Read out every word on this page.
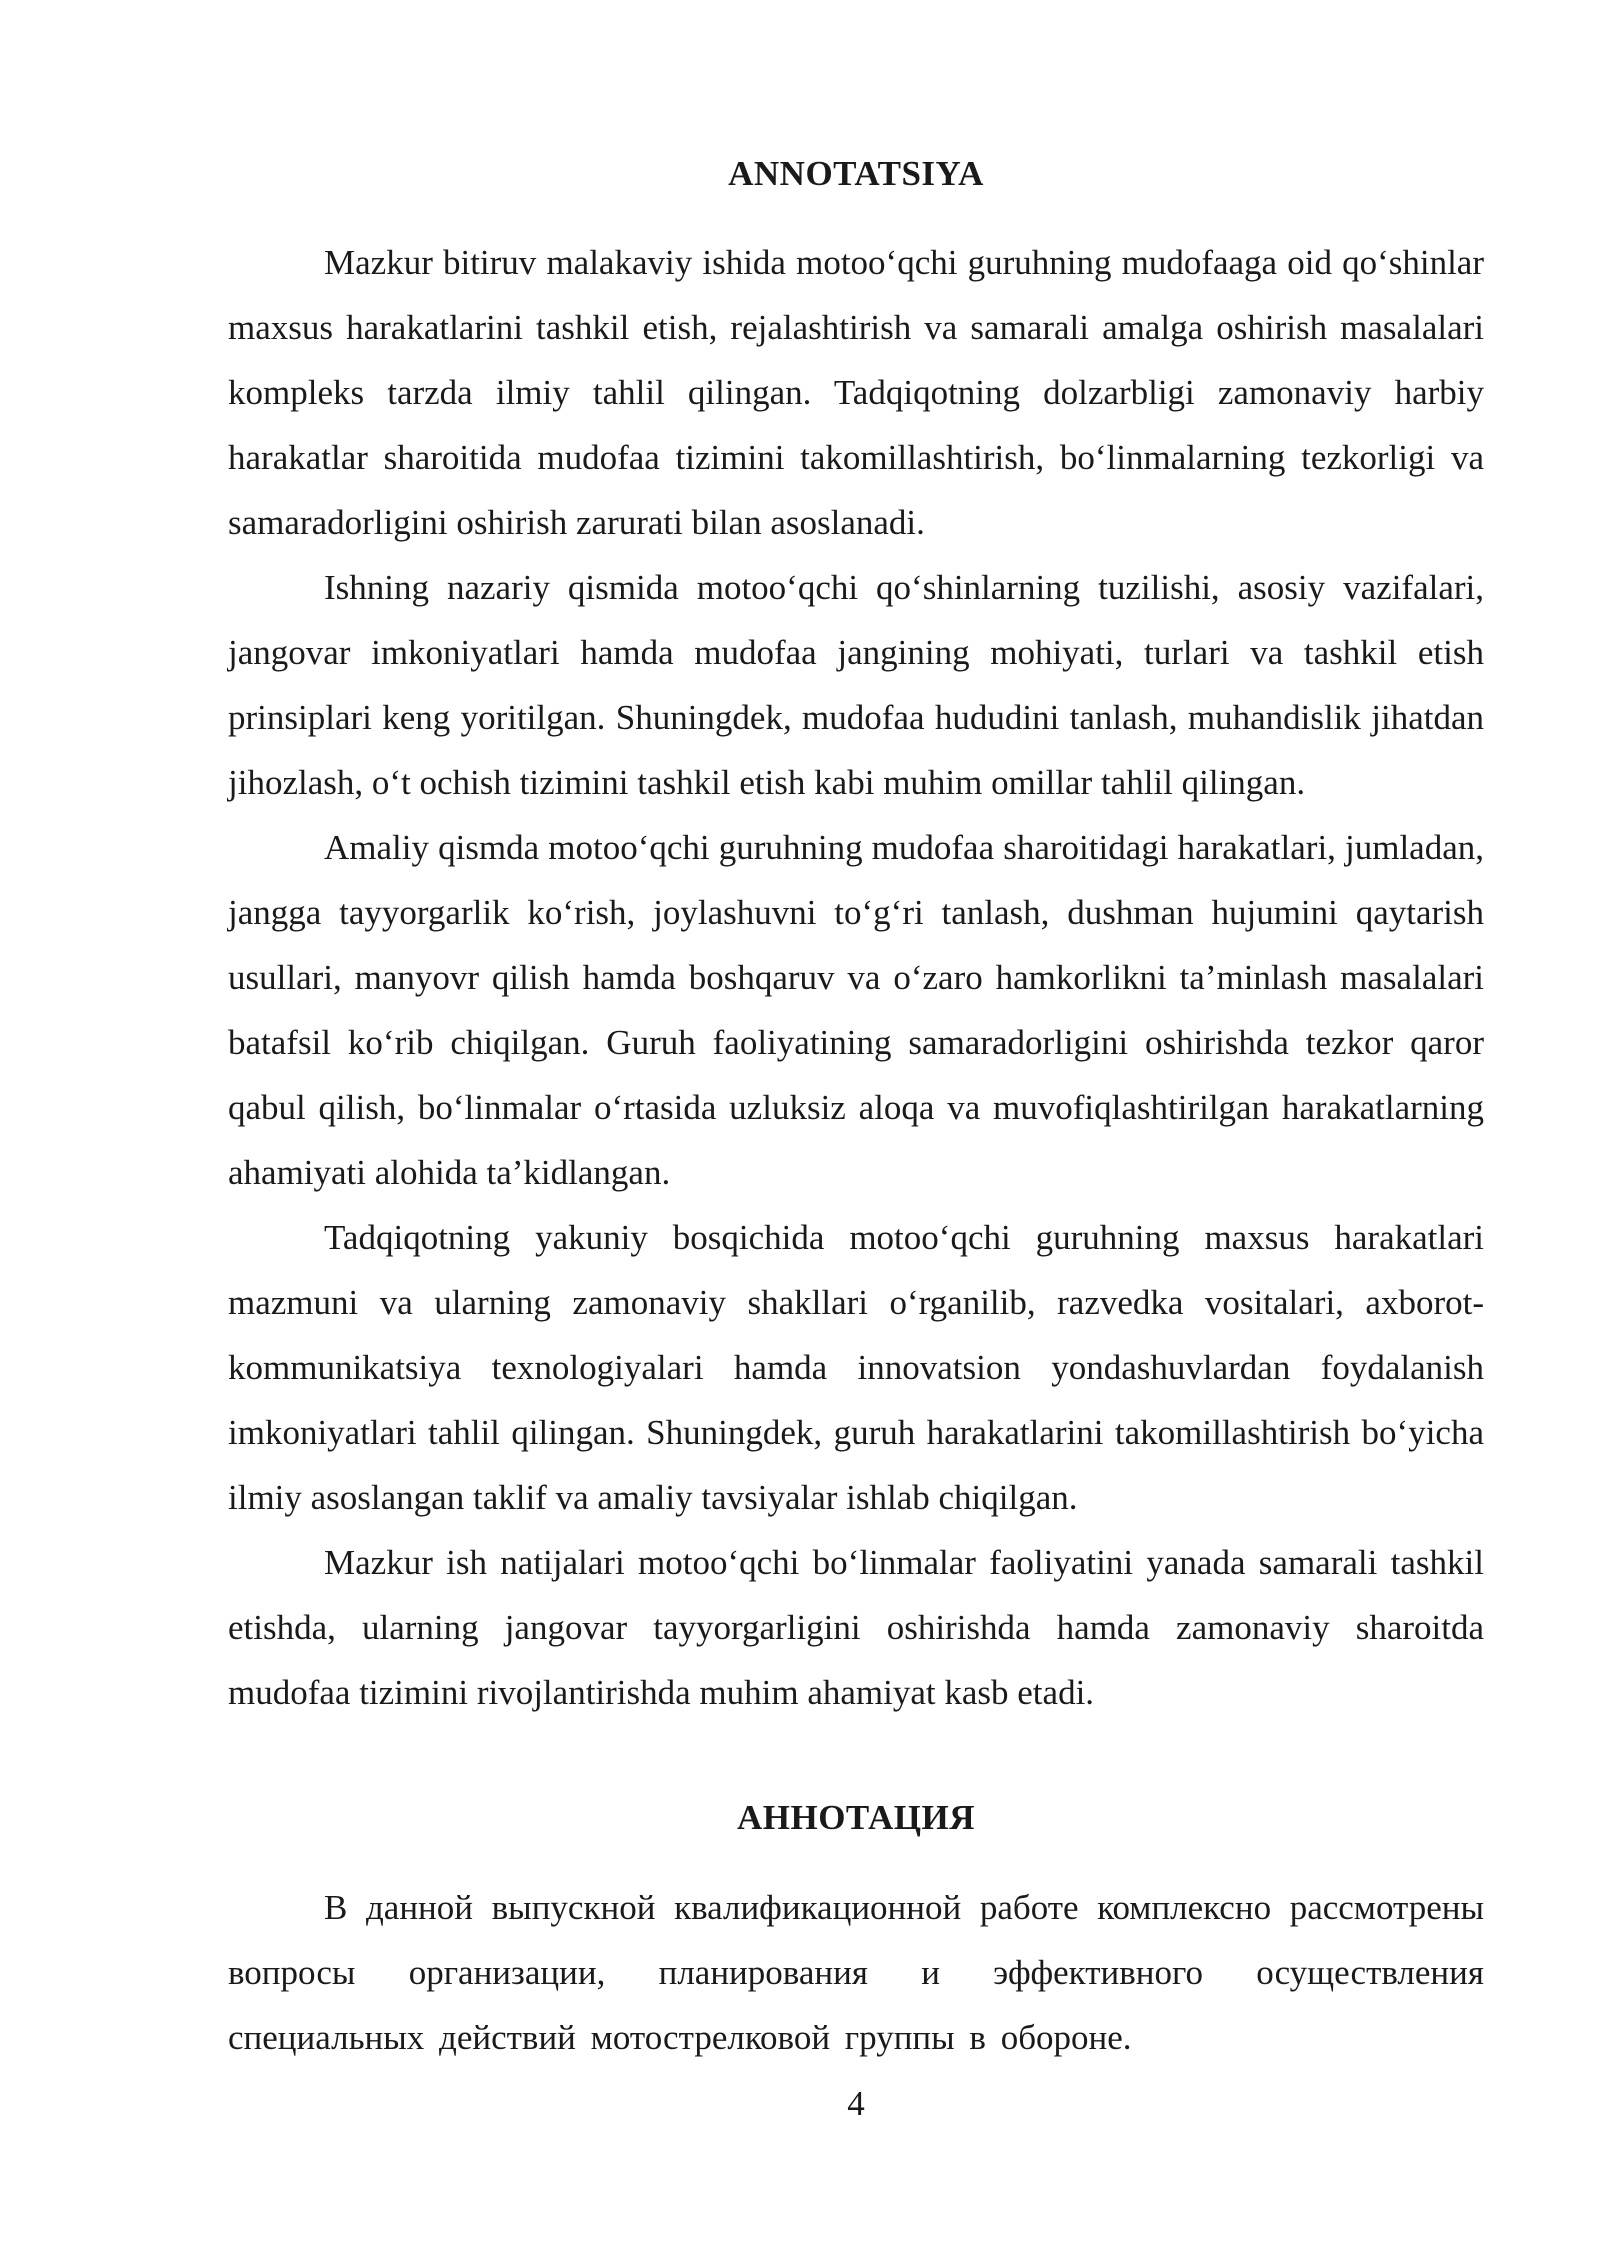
ANNOTATSIYA

Mazkur bitiruv malakaviy ishida motoo‘qchi guruhning mudofaaga oid qo‘shinlar maxsus harakatlarini tashkil etish, rejalashtirish va samarali amalga oshirish masalalari kompleks tarzda ilmiy tahlil qilingan. Tadqiqotning dolzarbligi zamonaviy harbiy harakatlar sharoitida mudofaa tizimini takomillashtirish, bo‘linmalarning tezkorligi va samaradorligini oshirish zarurati bilan asoslanadi.

Ishning nazariy qismida motoo‘qchi qo‘shinlarning tuzilishi, asosiy vazifalari, jangovar imkoniyatlari hamda mudofaa jangining mohiyati, turlari va tashkil etish prinsiplari keng yoritilgan. Shuningdek, mudofaa hududini tanlash, muhandislik jihatdan jihozlash, o‘t ochish tizimini tashkil etish kabi muhim omillar tahlil qilingan.

Amaliy qismda motoo‘qchi guruhning mudofaa sharoitidagi harakatlari, jumladan, jangga tayyorgarlik ko‘rish, joylashuvni to‘g‘ri tanlash, dushman hujumini qaytarish usullari, manyovr qilish hamda boshqaruv va o‘zaro hamkorlikni ta’minlash masalalari batafsil ko‘rib chiqilgan. Guruh faoliyatining samaradorligini oshirishda tezkor qaror qabul qilish, bo‘linmalar o‘rtasida uzluksiz aloqa va muvofiqlashtirilgan harakatlarning ahamiyati alohida ta’kidlangan.

Tadqiqotning yakuniy bosqichida motoo‘qchi guruhning maxsus harakatlari mazmuni va ularning zamonaviy shakllari o‘rganilib, razvedka vositalari, axborot-kommunikatsiya texnologiyalari hamda innovatsion yondashuvlardan foydalanish imkoniyatlari tahlil qilingan. Shuningdek, guruh harakatlarini takomillashtirish bo‘yicha ilmiy asoslangan taklif va amaliy tavsiyalar ishlab chiqilgan.

Mazkur ish natijalari motoo‘qchi bo‘linmalar faoliyatini yanada samarali tashkil etishda, ularning jangovar tayyorgarligini oshirishda hamda zamonaviy sharoitda mudofaa tizimini rivojlantirishda muhim ahamiyat kasb etadi.

АННОТАЦИЯ

В данной выпускной квалификационной работе комплексно рассмотрены вопросы организации, планирования и эффективного осуществления специальных действий мотострелковой группы в обороне.

4
